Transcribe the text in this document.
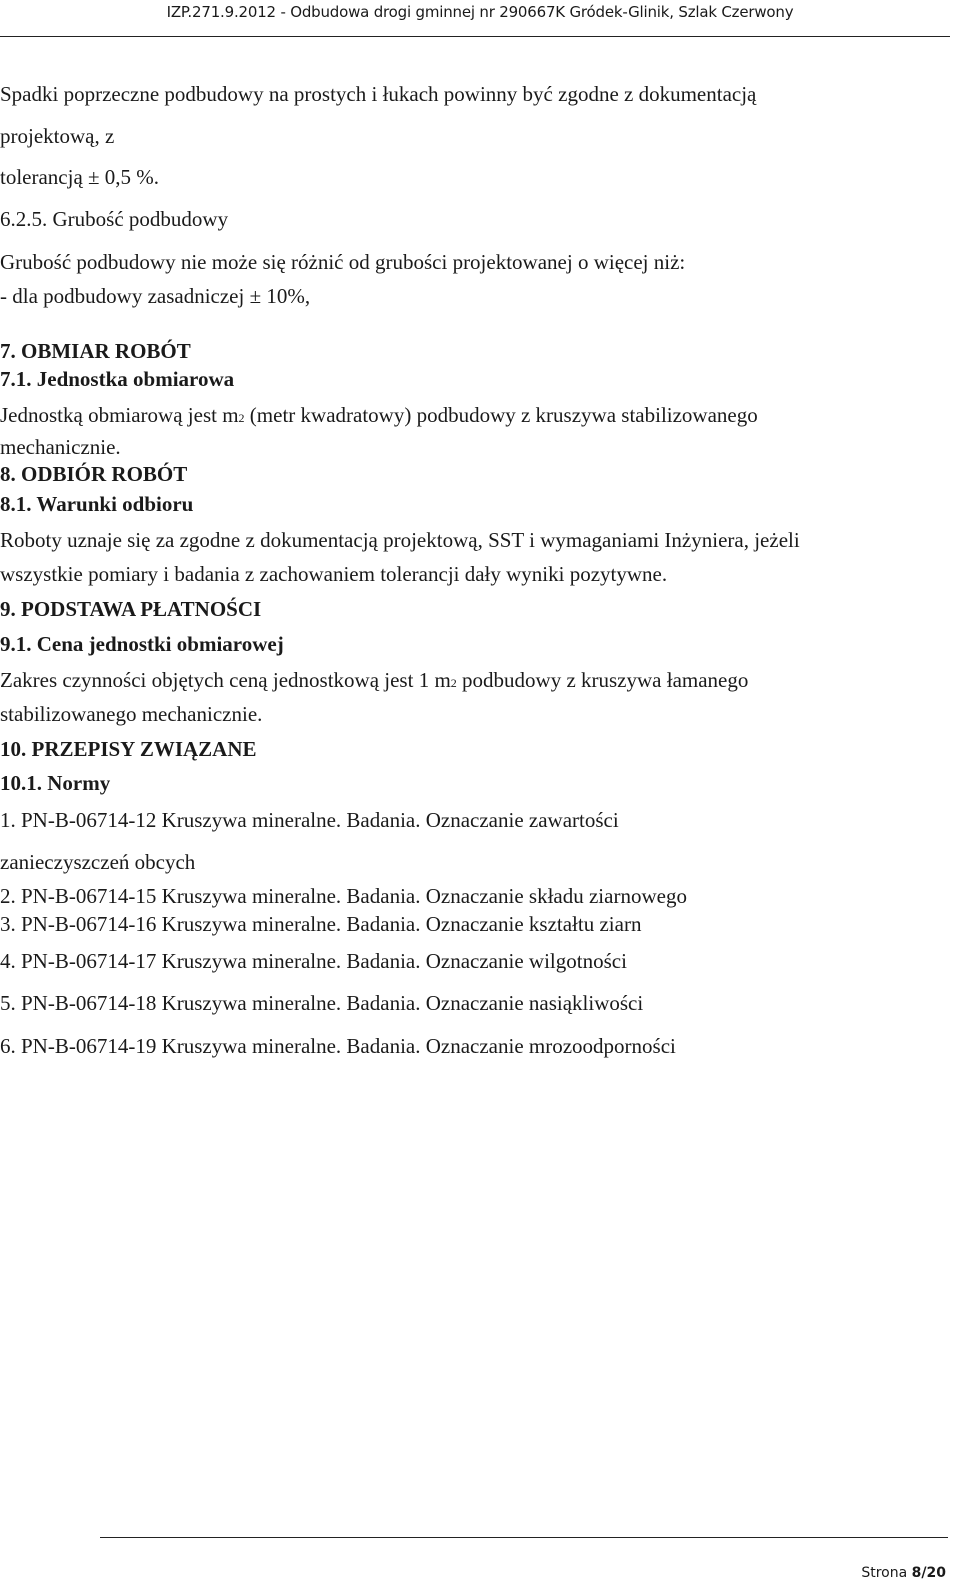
IZP.271.9.2012 - Odbudowa drogi gminnej nr 290667K Gródek-Glinik, Szlak Czerwony
Spadki poprzeczne podbudowy na prostych i łukach powinny być zgodne z dokumentacją
projektową, z
tolerancją ± 0,5 %.
6.2.5. Grubość podbudowy
Grubość podbudowy nie może się różnić od grubości projektowanej o więcej niż:
- dla podbudowy zasadniczej ± 10%,
7. OBMIAR ROBÓT
7.1. Jednostka obmiarowa
Jednostką obmiarową jest m2 (metr kwadratowy) podbudowy z kruszywa stabilizowanego
mechanicznie.
8. ODBIÓR ROBÓT
8.1. Warunki odbioru
Roboty uznaje się za zgodne z dokumentacją projektową, SST i wymaganiami Inżyniera, jeżeli
wszystkie pomiary i badania z zachowaniem tolerancji dały wyniki pozytywne.
9. PODSTAWA PŁATNOŚCI
9.1. Cena jednostki obmiarowej
Zakres czynności objętych ceną jednostkową jest 1 m2 podbudowy z kruszywa łamanego
stabilizowanego mechanicznie.
10. PRZEPISY ZWIĄZANE
10.1. Normy
1. PN-B-06714-12 Kruszywa mineralne. Badania. Oznaczanie zawartości
zanieczyszczeń obcych
2. PN-B-06714-15 Kruszywa mineralne. Badania. Oznaczanie składu ziarnowego
3. PN-B-06714-16 Kruszywa mineralne. Badania. Oznaczanie kształtu ziarn
4. PN-B-06714-17 Kruszywa mineralne. Badania. Oznaczanie wilgotności
5. PN-B-06714-18 Kruszywa mineralne. Badania. Oznaczanie nasiąkliwości
6. PN-B-06714-19 Kruszywa mineralne. Badania. Oznaczanie mrozoodporności
Strona 8/20
